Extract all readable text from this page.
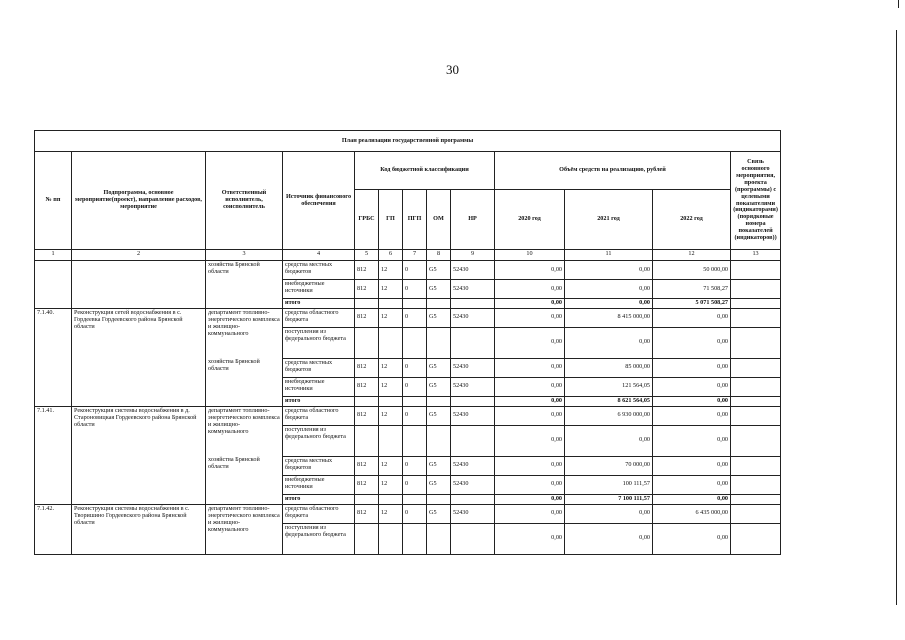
30
План реализации государственной программы												
№ пп	Подпрограмма, основное мероприятие(проект), направление расходов, мероприятие	Ответственный исполнитель, соисполнитель	Источник финансового обеспечения	Код бюджетной классификации					Объём средств на реализацию, рублей			Связь основного мероприятия, проекта (программы) с целевыми показателями (индикаторами) (порядковые номера показателей (индикаторов))
				ГРБС	ГП	ПГП	ОМ	НР	2020 год	2021 год	2022 год	
1	2	3	4	5	6	7	8	9	10	11	12	13
		хозяйства Брянской области	средства местных бюджетов	812	12	0	G5	52430	0,00	0,00	50 000,00	
			внебюджетные источники	812	12	0	G5	52430	0,00	0,00	71 508,27	
			итого						0,00	0,00	5 071 508,27	
7.1.40.	Реконструкция сетей водоснабжения в с. Гордеевка Гордеевского района Брянской области	департамент топливно-энергетического комплекса и жилищно-коммунального	средства областного бюджета	812	12	0	G5	52430	0,00	8 415 000,00	0,00	
			поступления из федерального бюджета						0,00	0,00	0,00	
		хозяйства Брянской области	средства местных бюджетов	812	12	0	G5	52430	0,00	85 000,00	0,00	
			внебюджетные источники	812	12	0	G5	52430	0,00	121 564,05	0,00	
			итого						0,00	8 621 564,05	0,00	
7.1.41.	Реконструкция системы водоснабжения в д. Староновицкая Гордеевского района Брянской области	департамент топливно-энергетического комплекса и жилищно-коммунального	средства областного бюджета	812	12	0	G5	52430	0,00	6 930 000,00	0,00	
			поступления из федерального бюджета						0,00	0,00	0,00	
		хозяйства Брянской области	средства местных бюджетов	812	12	0	G5	52430	0,00	70 000,00	0,00	
			внебюджетные источники	812	12	0	G5	52430	0,00	100 111,57	0,00	
			итого						0,00	7 100 111,57	0,00	
7.1.42.	Реконструкция системы водоснабжения в с. Творишино Гордеевского района Брянской области	департамент топливно-энергетического комплекса и жилищно-коммунального	средства областного бюджета	812	12	0	G5	52430	0,00	0,00	6 435 000,00	
			поступления из федерального бюджета						0,00	0,00	0,00	
